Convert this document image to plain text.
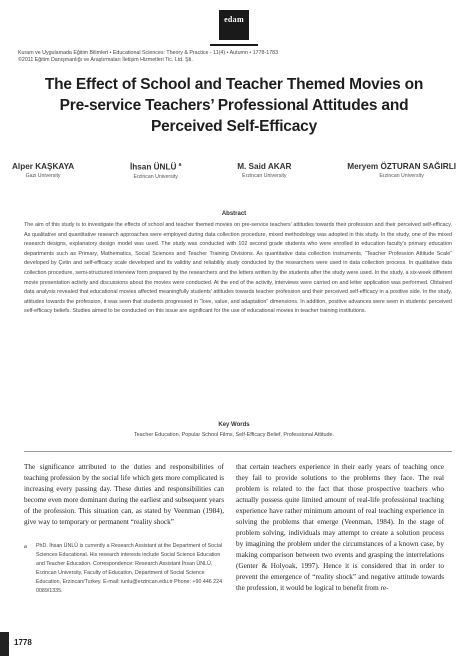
edam
Kuram ve Uygulamada Eğitim Bilimleri • Educational Sciences: Theory & Practice - 11(4) • Autumn • 1778-1783
©2011 Eğitim Danışmanlığı ve Araştırmaları İletişim Hizmetleri Tic. Ltd. Şti.
The Effect of School and Teacher Themed Movies on Pre-service Teachers’ Professional Attitudes and Perceived Self-Efficacy
Alper KAŞKAYA
Gazi University
İhsan ÜNLÜ $^a$
Erzincan University
M. Said AKAR
Erzincan University
Meryem ÖZTURAN SAĞIRLI
Erzincan University
Abstract

The aim of this study is to investigate the effects of school and teacher themed movies on pre-service teachers’ attitudes towards their profession and their perceived self-efficacy. As qualitative and quantitative research approaches were employed during data collection procedure, mixed methodology was adopted in this study. In the study, one of the mixed research designs, explanatory design model was used. The study was conducted with 102 second grade students who were enrolled to education faculty’s primary education departments such as Primary, Mathematics, Social Sciences and Teacher Training Divisions. As quantitative data collection instruments, “Teacher Profession Attitude Scale” developed by Çetin and self-efficacy scale developed and its validity and reliability study conducted by the researchers were used in data collection process. In qualitative data collection procedure, semi-structured interview form prepared by the researchers and the letters written by the students after the study were used. In the study, a six-week different movie presentation activity and discussions about the movies were conducted. At the end of the activity, interviews were carried on and letter application was performed. Obtained data analysis revealed that educational movies affected meaningfully students’ attitudes towards teacher profession and their perceived self-efficacy in a positive side. In the study, attitudes towards the profession, it was seen that students progressed in “love, value, and adaptation” dimensions. In addition, positive advances were seen in students’ perceived self-efficacy beliefs. Studies aimed to be conducted on this issue are significant for the use of educational movies in teacher training institutions.

Key Words
Teacher Education, Popular School Films, Self-Efficacy Belief, Professional Attitude.

The significance attributed to the duties and responsibilities of teaching profession by the social life which gets more complicated is increasing every passing day. These duties and responsibilities can become even more dominant during the earliest and subsequent years of the profession. This situation can, as stated by Veenman (1984), give way to temporary or permanent “reality shock”

that certain teachers experience in their early years of teaching once they fail to provide solutions to the problems they face. The real problem is related to the fact that those prospective teachers who actually possess quite limited amount of real-life professional teaching experience have rather minimum amount of real teaching experience in solving the problems that emerge (Veenman, 1984). In the stage of problem solving, individuals may attempt to create a solution process by imagining the problem under the circumstances of a known case, by making comparison between two events and grasping the interrelations (Genter & Holyoak, 1997). Hence it is considered that in order to prevent the emergence of “reality shock” and negative attitude towards the profession, it would be logical to benefit from re-

a PhD. İhsan ÜNLÜ is currently a Research Assistant at the Department of Social Sciences Educational. His research interests include Social Science Education and Teacher Education. Correspondence: Research Assistant İhsan ÜNLÜ, Erzincan University, Faculty of Education, Department of Social Science Education, Erzincan/Turkey. E-mail: iunlu@erzincan.edu.tr Phone: +90 446 224 0089/1335.
1778
